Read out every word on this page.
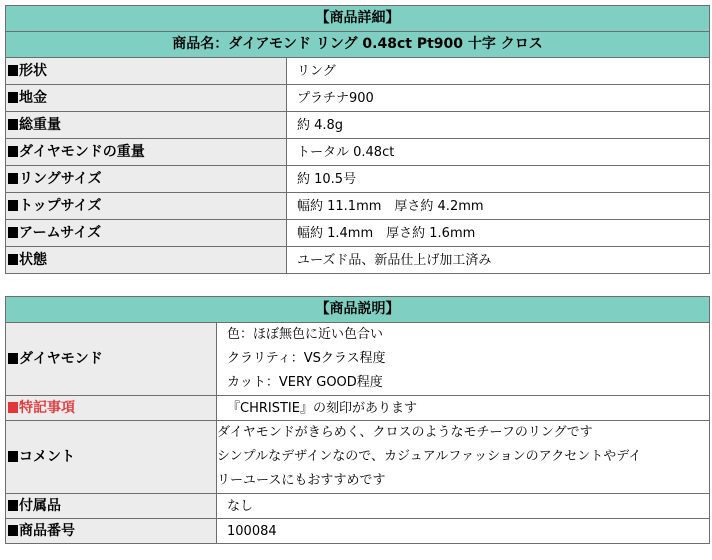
【商品詳細】	
商品名：ダイアモンド リング 0.48ct Pt900 十字 クロス	
形状	リング
地金	プラチナ900
総重量	約 4.8g
ダイヤモンドの重量	トータル 0.48ct
リングサイズ	約 10.5号
トップサイズ	幅約 11.1mm　厚さ約 4.2mm
アームサイズ	幅約 1.4mm　厚さ約 1.6mm
状態	ユーズド品、新品仕上げ加工済み
【商品説明】	
ダイヤモンド	色：ほぼ無色に近い色合い
クラリティ：VSクラス程度
カット：VERY GOOD程度

特記事項	『CHRISTIE』の刻印があります
コメント	ダイヤモンドがきらめく、クロスのようなモチーフのリングです
シンプルなデザインなので、カジュアルファッションのアクセントやデイ
リーユースにもおすすめです

付属品	なし
商品番号	100084
